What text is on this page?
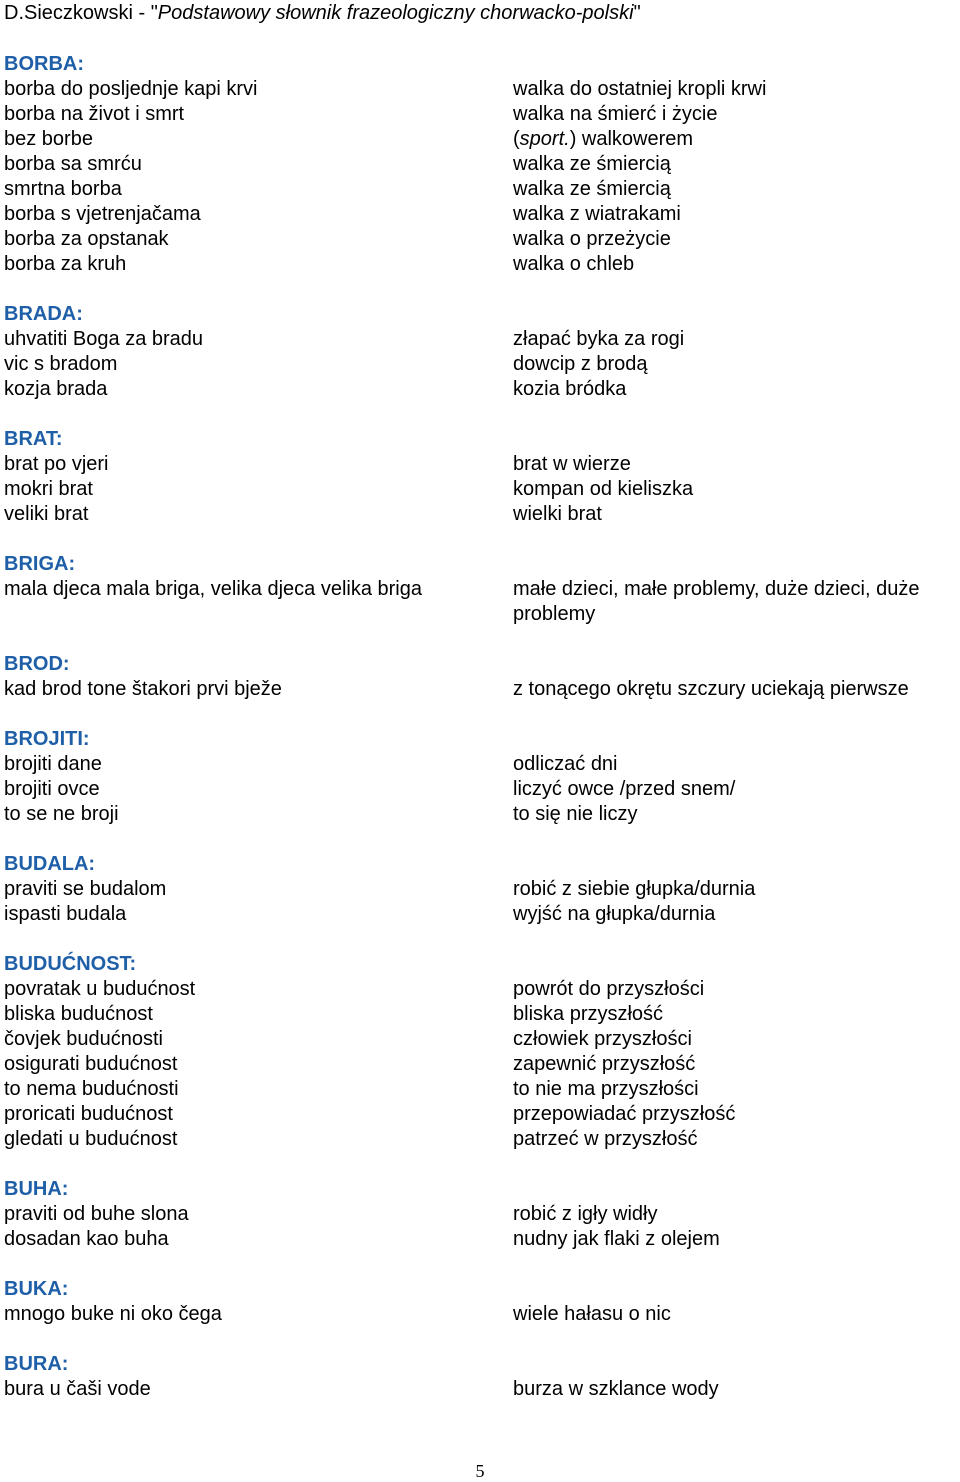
D.Sieczkowski - "Podstawowy słownik frazeologiczny chorwacko-polski"
BORBA:
borba do posljednje kapi krvi	walka do ostatniej kropli krwi
borba na život i smrt	walka na śmierć i życie
bez borbe	(sport.) walkowerem
borba sa smrću	walka ze śmiercią
smrtna borba	walka ze śmiercią
borba s vjetrenjačama	walka z wiatrakami
borba za opstanak	walka o przeżycie
borba za kruh	walka o chleb
BRADA:
uhvatiti Boga za bradu	złapać byka za rogi
vic s bradom	dowcip z brodą
kozja brada	kozia bródka
BRAT:
brat po vjeri	brat w wierze
mokri brat	kompan od kieliszka
veliki brat	wielki brat
BRIGA:
mala djeca mala briga, velika djeca velika briga	małe dzieci, małe problemy, duże dzieci, duże problemy
BROD:
kad brod tone štakori prvi bježe	z tonącego okrętu szczury uciekają pierwsze
BROJITI:
brojiti dane	odliczać dni
brojiti ovce	liczyć owce /przed snem/
to se ne broji	to się nie liczy
BUDALA:
praviti se budalom	robić z siebie głupka/durnia
ispasti budala	wyjść na głupka/durnia
BUDUĆNOST:
povratak u budućnost	powrót do przyszłości
bliska budućnost	bliska przyszłość
čovjek budućnosti	człowiek przyszłości
osigurati budućnost	zapewnić przyszłość
to nema budućnosti	to nie ma przyszłości
proricati budućnost	przepowiadać przyszłość
gledati u budućnost	patrzeć w przyszłość
BUHA:
praviti od buhe slona	robić z igły widły
dosadan kao buha	nudny jak flaki z olejem
BUKA:
mnogo buke ni oko čega	wiele hałasu o nic
BURA:
bura u čaši vode	burza w szklance wody
5
